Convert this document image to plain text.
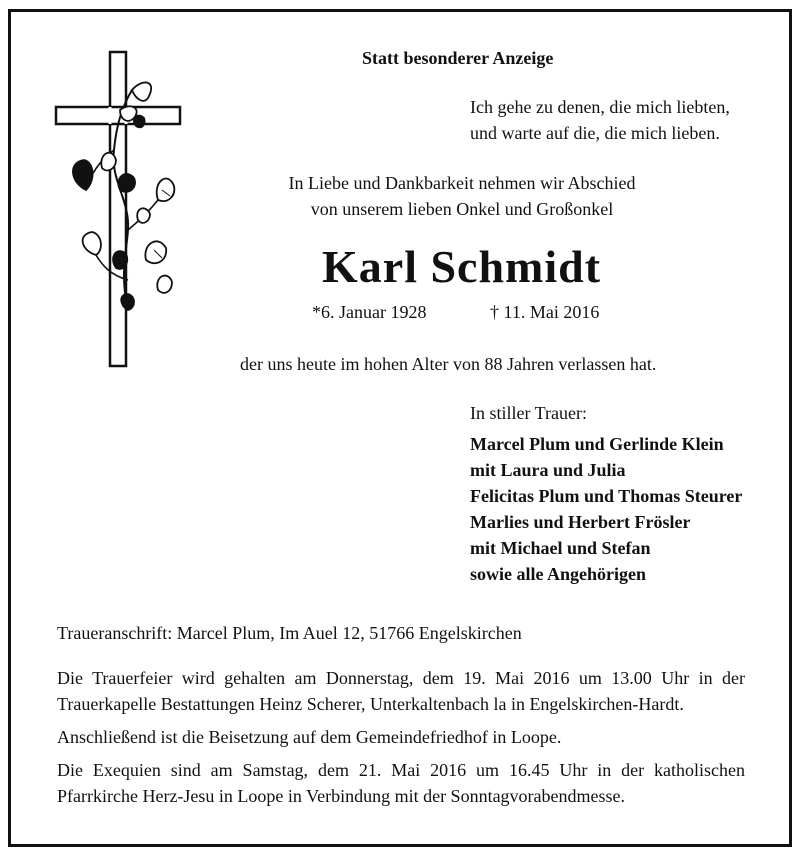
Statt besonderer Anzeige
Ich gehe zu denen, die mich liebten,
und warte auf die, die mich lieben.
In Liebe und Dankbarkeit nehmen wir Abschied
von unserem lieben Onkel und Großonkel
Karl Schmidt
*6. Januar 1928	† 11. Mai 2016
der uns heute im hohen Alter von 88 Jahren verlassen hat.
In stiller Trauer:
Marcel Plum und Gerlinde Klein
mit Laura und Julia
Felicitas Plum und Thomas Steurer
Marlies und Herbert Frösler
mit Michael und Stefan
sowie alle Angehörigen
Traueranschrift: Marcel Plum, Im Auel 12, 51766 Engelskirchen
Die Trauerfeier wird gehalten am Donnerstag, dem 19. Mai 2016 um 13.00 Uhr in der Trauerkapelle Bestattungen Heinz Scherer, Unterkaltenbach la in Engelskirchen-Hardt.
Anschließend ist die Beisetzung auf dem Gemeindefriedhof in Loope.
Die Exequien sind am Samstag, dem 21. Mai 2016 um 16.45 Uhr in der katholischen Pfarrkirche Herz-Jesu in Loope in Verbindung mit der Sonntagvorabendmesse.
